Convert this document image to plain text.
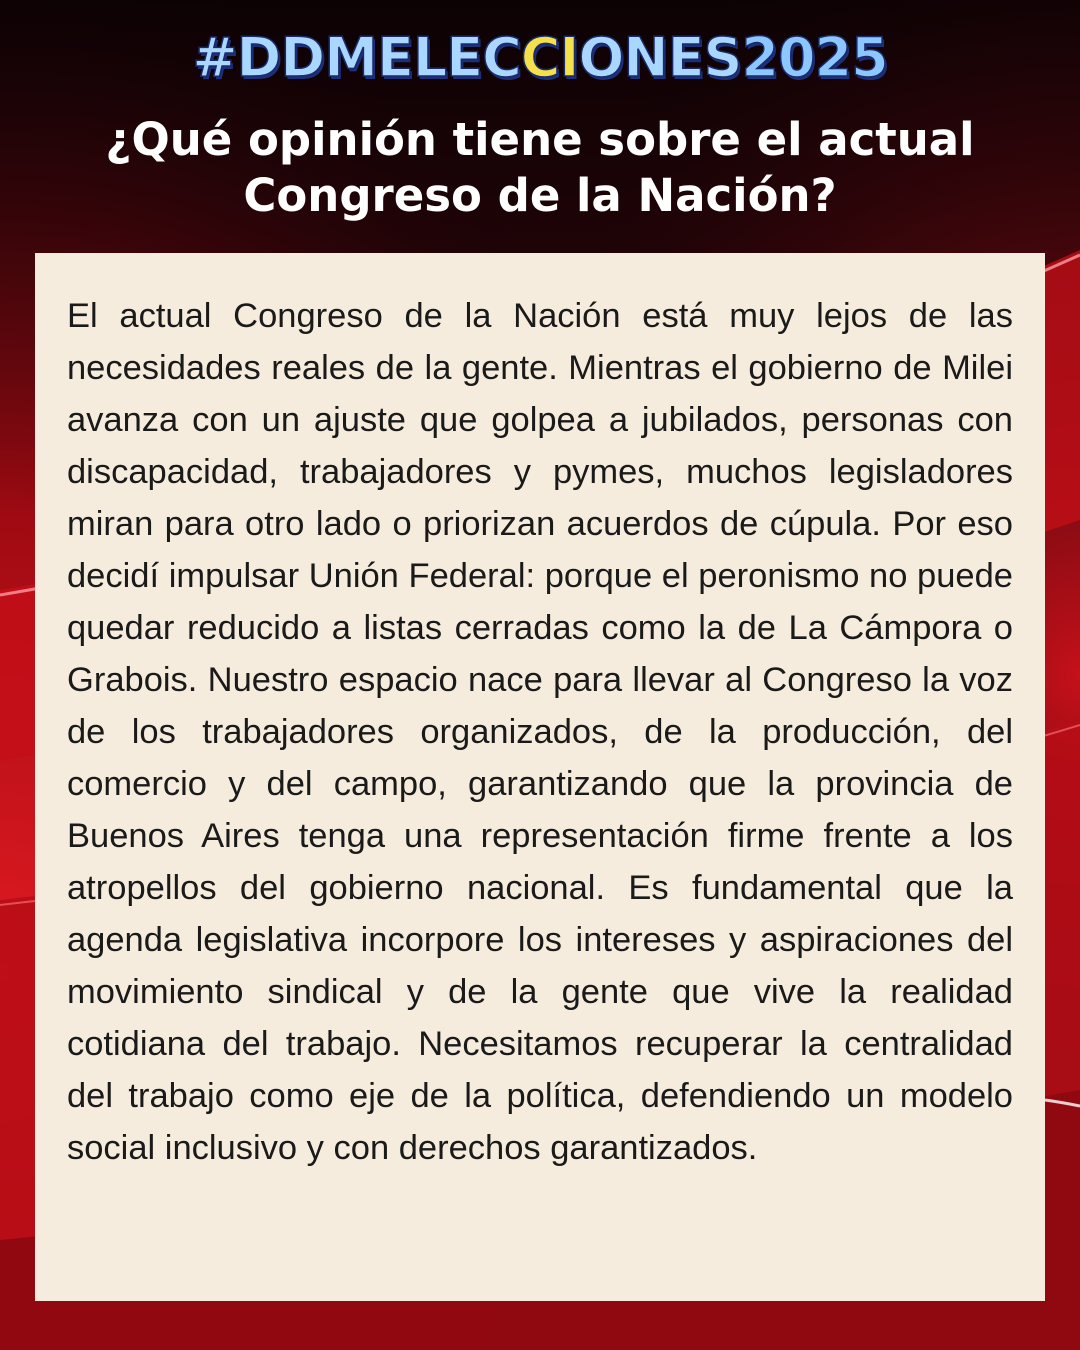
#DDMELECCIONES2025
¿Qué opinión tiene sobre el actual
Congreso de la Nación?

El actual Congreso de la Nación está muy lejos de las necesidades reales de la gente. Mientras el gobierno de Milei avanza con un ajuste que golpea a jubilados, personas con discapacidad, trabajadores y pymes, muchos legisladores miran para otro lado o priorizan acuerdos de cúpula. Por eso decidí impulsar Unión Federal: porque el peronismo no puede quedar reducido a listas cerradas como la de La Cámpora o Grabois. Nuestro espacio nace para llevar al Congreso la voz de los trabajadores organizados, de la producción, del comercio y del campo, garantizando que la provincia de Buenos Aires tenga una representación firme frente a los atropellos del gobierno nacional. Es fundamental que la agenda legislativa incorpore los intereses y aspiraciones del movimiento sindical y de la gente que vive la realidad cotidiana del trabajo. Necesitamos recuperar la centralidad del trabajo como eje de la política, defendiendo un modelo social inclusivo y con derechos garantizados.
